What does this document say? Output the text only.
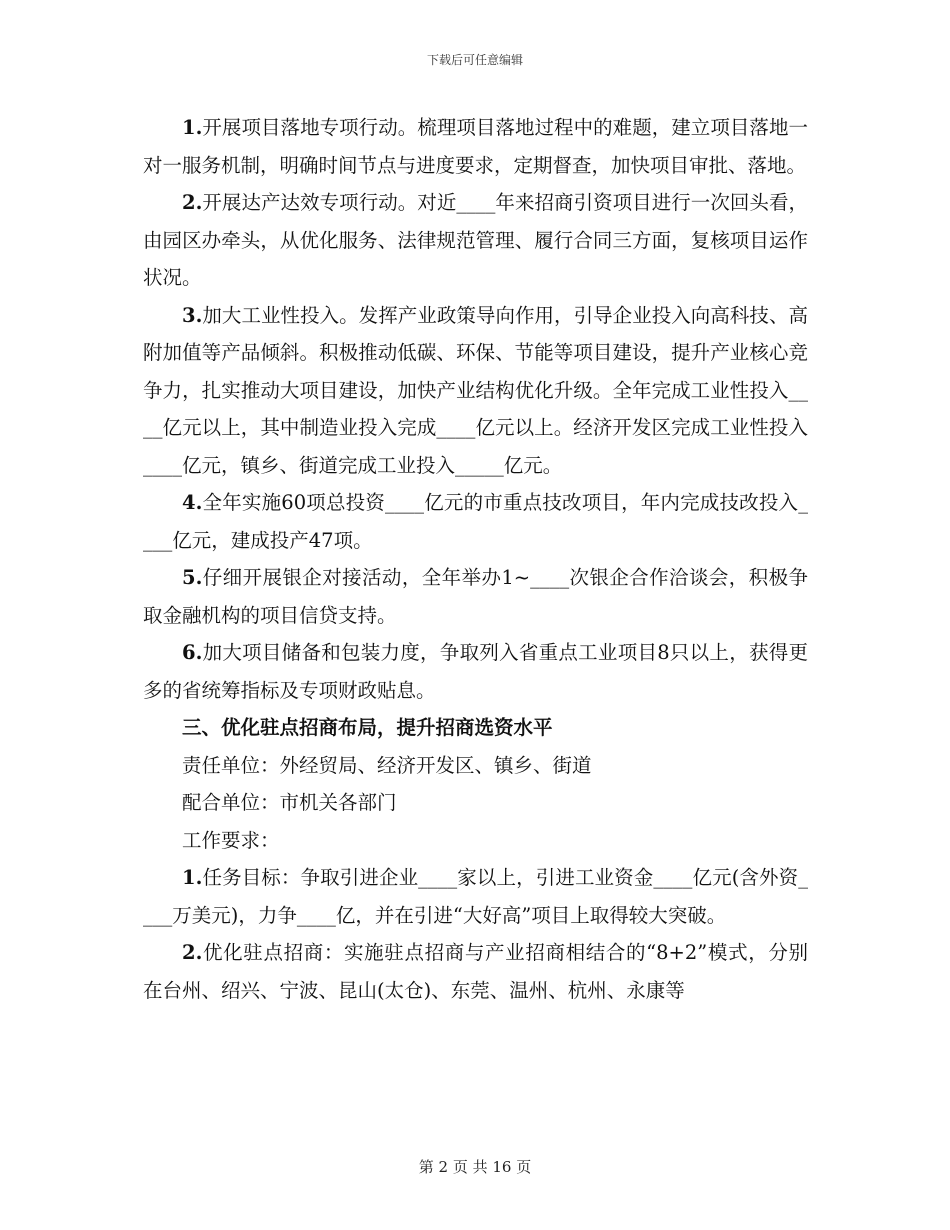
下载后可任意编辑

1.开展项目落地专项行动。梳理项目落地过程中的难题，建立项目落地一对一服务机制，明确时间节点与进度要求，定期督查，加快项目审批、落地。

2.开展达产达效专项行动。对近____年来招商引资项目进行一次回头看，由园区办牵头，从优化服务、法律规范管理、履行合同三方面，复核项目运作状况。

3.加大工业性投入。发挥产业政策导向作用，引导企业投入向高科技、高附加值等产品倾斜。积极推动低碳、环保、节能等项目建设，提升产业核心竞争力，扎实推动大项目建设，加快产业结构优化升级。全年完成工业性投入____亿元以上，其中制造业投入完成____亿元以上。经济开发区完成工业性投入____亿元，镇乡、街道完成工业投入_____亿元。

4.全年实施60项总投资____亿元的市重点技改项目，年内完成技改投入____亿元，建成投产47项。

5.仔细开展银企对接活动，全年举办1~____次银企合作洽谈会，积极争取金融机构的项目信贷支持。

6.加大项目储备和包装力度，争取列入省重点工业项目8只以上，获得更多的省统筹指标及专项财政贴息。

三、优化驻点招商布局，提升招商选资水平

责任单位：外经贸局、经济开发区、镇乡、街道

配合单位：市机关各部门

工作要求：

1.任务目标：争取引进企业____家以上，引进工业资金____亿元(含外资____万美元)，力争____亿，并在引进“大好高”项目上取得较大突破。

2.优化驻点招商：实施驻点招商与产业招商相结合的“8+2”模式，分别在台州、绍兴、宁波、昆山(太仓)、东莞、温州、杭州、永康等

第 2 页 共 16 页
